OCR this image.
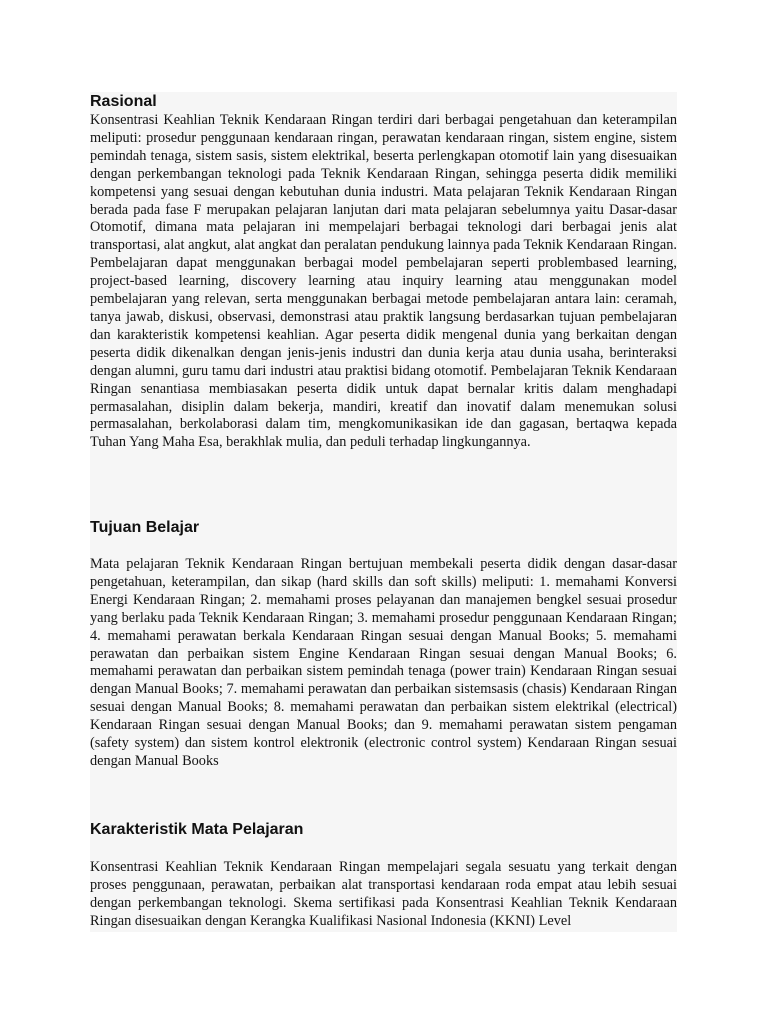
Rasional

Konsentrasi Keahlian Teknik Kendaraan Ringan terdiri dari berbagai pengetahuan dan keterampilan meliputi: prosedur penggunaan kendaraan ringan, perawatan kendaraan ringan, sistem engine, sistem pemindah tenaga, sistem sasis, sistem elektrikal, beserta perlengkapan otomotif lain yang disesuaikan dengan perkembangan teknologi pada Teknik Kendaraan Ringan, sehingga peserta didik memiliki kompetensi yang sesuai dengan kebutuhan dunia industri. Mata pelajaran Teknik Kendaraan Ringan berada pada fase F merupakan pelajaran lanjutan dari mata pelajaran sebelumnya yaitu Dasar-dasar Otomotif, dimana mata pelajaran ini mempelajari berbagai teknologi dari berbagai jenis alat transportasi, alat angkut, alat angkat dan peralatan pendukung lainnya pada Teknik Kendaraan Ringan. Pembelajaran dapat menggunakan berbagai model pembelajaran seperti problembased learning, project-based learning, discovery learning atau inquiry learning atau menggunakan model pembelajaran yang relevan, serta menggunakan berbagai metode pembelajaran antara lain: ceramah, tanya jawab, diskusi, observasi, demonstrasi atau praktik langsung berdasarkan tujuan pembelajaran dan karakteristik kompetensi keahlian. Agar peserta didik mengenal dunia yang berkaitan dengan peserta didik dikenalkan dengan jenis-jenis industri dan dunia kerja atau dunia usaha, berinteraksi dengan alumni, guru tamu dari industri atau praktisi bidang otomotif. Pembelajaran Teknik Kendaraan Ringan senantiasa membiasakan peserta didik untuk dapat bernalar kritis dalam menghadapi permasalahan, disiplin dalam bekerja, mandiri, kreatif dan inovatif dalam menemukan solusi permasalahan, berkolaborasi dalam tim, mengkomunikasikan ide dan gagasan, bertaqwa kepada Tuhan Yang Maha Esa, berakhlak mulia, dan peduli terhadap lingkungannya.

Tujuan Belajar

Mata pelajaran Teknik Kendaraan Ringan bertujuan membekali peserta didik dengan dasar-dasar pengetahuan, keterampilan, dan sikap (hard skills dan soft skills) meliputi: 1. memahami Konversi Energi Kendaraan Ringan; 2. memahami proses pelayanan dan manajemen bengkel sesuai prosedur yang berlaku pada Teknik Kendaraan Ringan; 3. memahami prosedur penggunaan Kendaraan Ringan; 4. memahami perawatan berkala Kendaraan Ringan sesuai dengan Manual Books; 5. memahami perawatan dan perbaikan sistem Engine Kendaraan Ringan sesuai dengan Manual Books; 6. memahami perawatan dan perbaikan sistem pemindah tenaga (power train) Kendaraan Ringan sesuai dengan Manual Books; 7. memahami perawatan dan perbaikan sistemsasis (chasis) Kendaraan Ringan sesuai dengan Manual Books; 8. memahami perawatan dan perbaikan sistem elektrikal (electrical) Kendaraan Ringan sesuai dengan Manual Books; dan 9. memahami perawatan sistem pengaman (safety system) dan sistem kontrol elektronik (electronic control system) Kendaraan Ringan sesuai dengan Manual Books

Karakteristik Mata Pelajaran

Konsentrasi Keahlian Teknik Kendaraan Ringan mempelajari segala sesuatu yang terkait dengan proses penggunaan, perawatan, perbaikan alat transportasi kendaraan roda empat atau lebih sesuai dengan perkembangan teknologi. Skema sertifikasi pada Konsentrasi Keahlian Teknik Kendaraan Ringan disesuaikan dengan Kerangka Kualifikasi Nasional Indonesia (KKNI) Level
